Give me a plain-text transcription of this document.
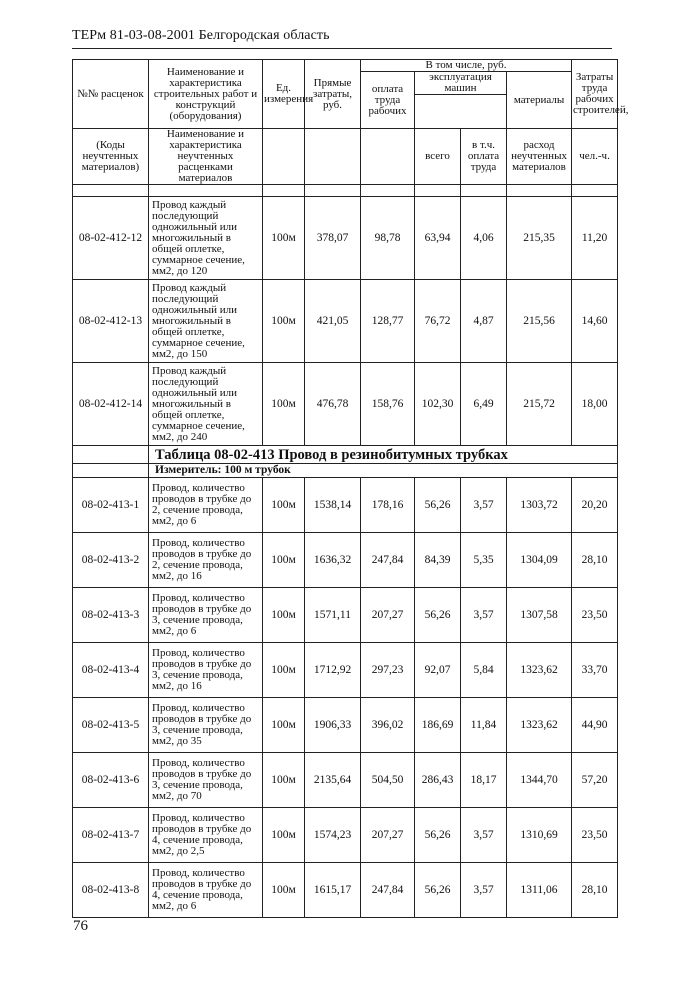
ТЕРм 81-03-08-2001 Белгородская область
№№ расценок	Наименование и характеристика строительных работ и конструкций (оборудования)	Ед. измерения	Прямые затраты, руб.	В том числе, руб.				Затраты труда рабочих строителей,
				оплата труда рабочих	эксплуатация машин		материалы	

(Коды неучтенных материалов)	Наименование и характеристика неучтенных расценками материалов				всего	в т.ч. оплата труда	расход неучтенных материалов	чел.-ч.

08-02-412-12	Провод каждый последующий одножильный или многожильный в общей оплетке, суммарное сечение, мм2, до 120	100м	378,07	98,78	63,94	4,06	215,35	11,20
08-02-412-13	Провод каждый последующий одножильный или многожильный в общей оплетке, суммарное сечение, мм2, до 150	100м	421,05	128,77	76,72	4,87	215,56	14,60
08-02-412-14	Провод каждый последующий одножильный или многожильный в общей оплетке, суммарное сечение, мм2, до 240	100м	476,78	158,76	102,30	6,49	215,72	18,00
	Таблица 08-02-413 Провод в резинобитумных трубках							
	Измеритель: 100 м трубок							
08-02-413-1	Провод, количество проводов в трубке до 2, сечение провода, мм2, до 6	100м	1538,14	178,16	56,26	3,57	1303,72	20,20
08-02-413-2	Провод, количество проводов в трубке до 2, сечение провода, мм2, до 16	100м	1636,32	247,84	84,39	5,35	1304,09	28,10
08-02-413-3	Провод, количество проводов в трубке до 3, сечение провода, мм2, до 6	100м	1571,11	207,27	56,26	3,57	1307,58	23,50
08-02-413-4	Провод, количество проводов в трубке до 3, сечение провода, мм2, до 16	100м	1712,92	297,23	92,07	5,84	1323,62	33,70
08-02-413-5	Провод, количество проводов в трубке до 3, сечение провода, мм2, до 35	100м	1906,33	396,02	186,69	11,84	1323,62	44,90
08-02-413-6	Провод, количество проводов в трубке до 3, сечение провода, мм2, до 70	100м	2135,64	504,50	286,43	18,17	1344,70	57,20
08-02-413-7	Провод, количество проводов в трубке до 4, сечение провода, мм2, до 2,5	100м	1574,23	207,27	56,26	3,57	1310,69	23,50
08-02-413-8	Провод, количество проводов в трубке до 4, сечение провода, мм2, до 6	100м	1615,17	247,84	56,26	3,57	1311,06	28,10
76
